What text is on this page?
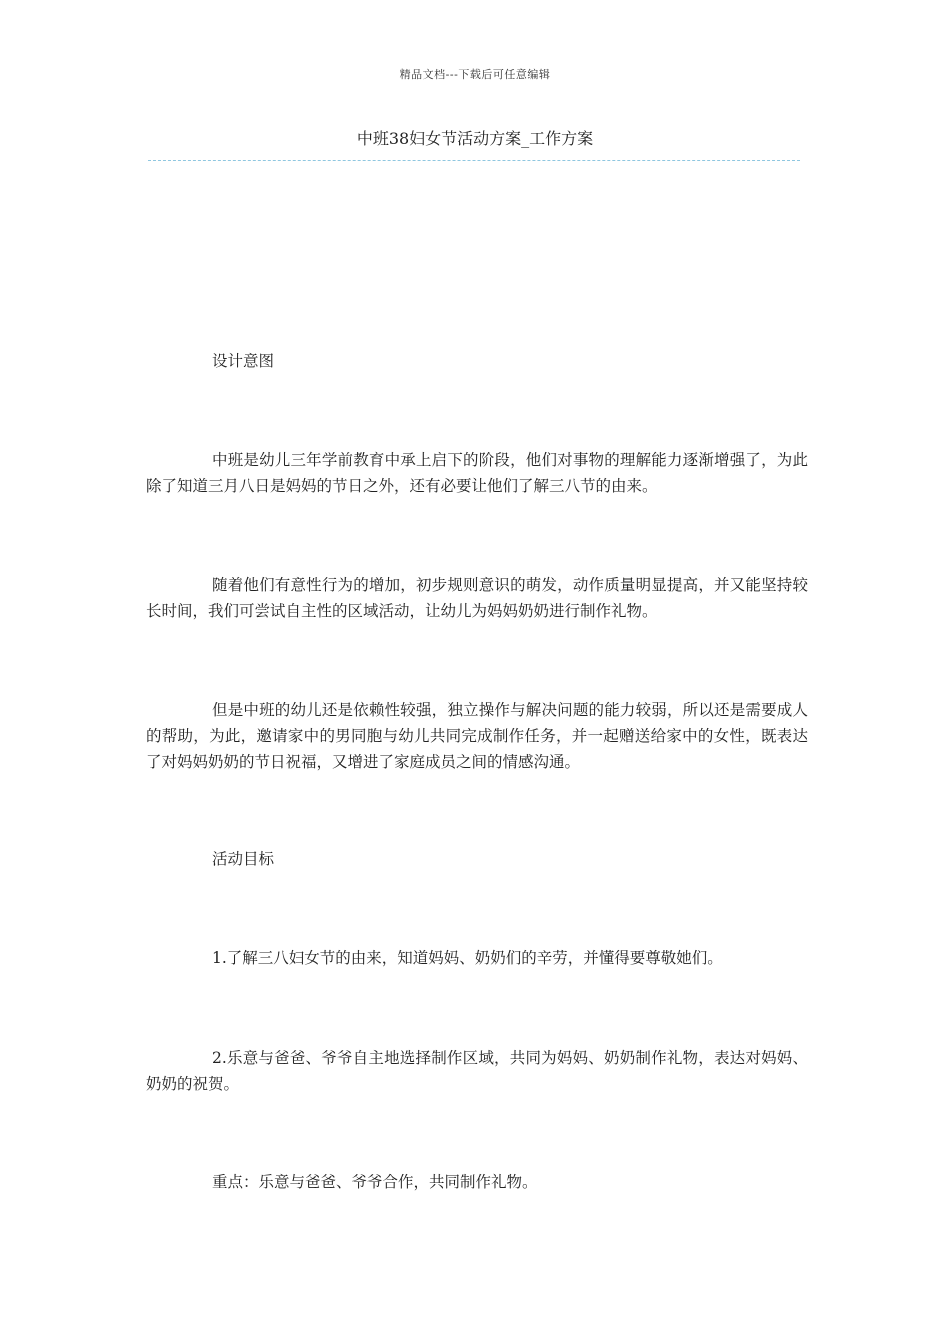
精品文档---下载后可任意编辑
中班38妇女节活动方案_工作方案
设计意图
中班是幼儿三年学前教育中承上启下的阶段，他们对事物的理解能力逐渐增强了，为此除了知道三月八日是妈妈的节日之外，还有必要让他们了解三八节的由来。
随着他们有意性行为的增加，初步规则意识的萌发，动作质量明显提高，并又能坚持较长时间，我们可尝试自主性的区域活动，让幼儿为妈妈奶奶进行制作礼物。
但是中班的幼儿还是依赖性较强，独立操作与解决问题的能力较弱，所以还是需要成人的帮助，为此，邀请家中的男同胞与幼儿共同完成制作任务，并一起赠送给家中的女性，既表达了对妈妈奶奶的节日祝福，又增进了家庭成员之间的情感沟通。
活动目标
1.了解三八妇女节的由来，知道妈妈、奶奶们的辛劳，并懂得要尊敬她们。
2.乐意与爸爸、爷爷自主地选择制作区域，共同为妈妈、奶奶制作礼物，表达对妈妈、奶奶的祝贺。
重点：乐意与爸爸、爷爷合作，共同制作礼物。
